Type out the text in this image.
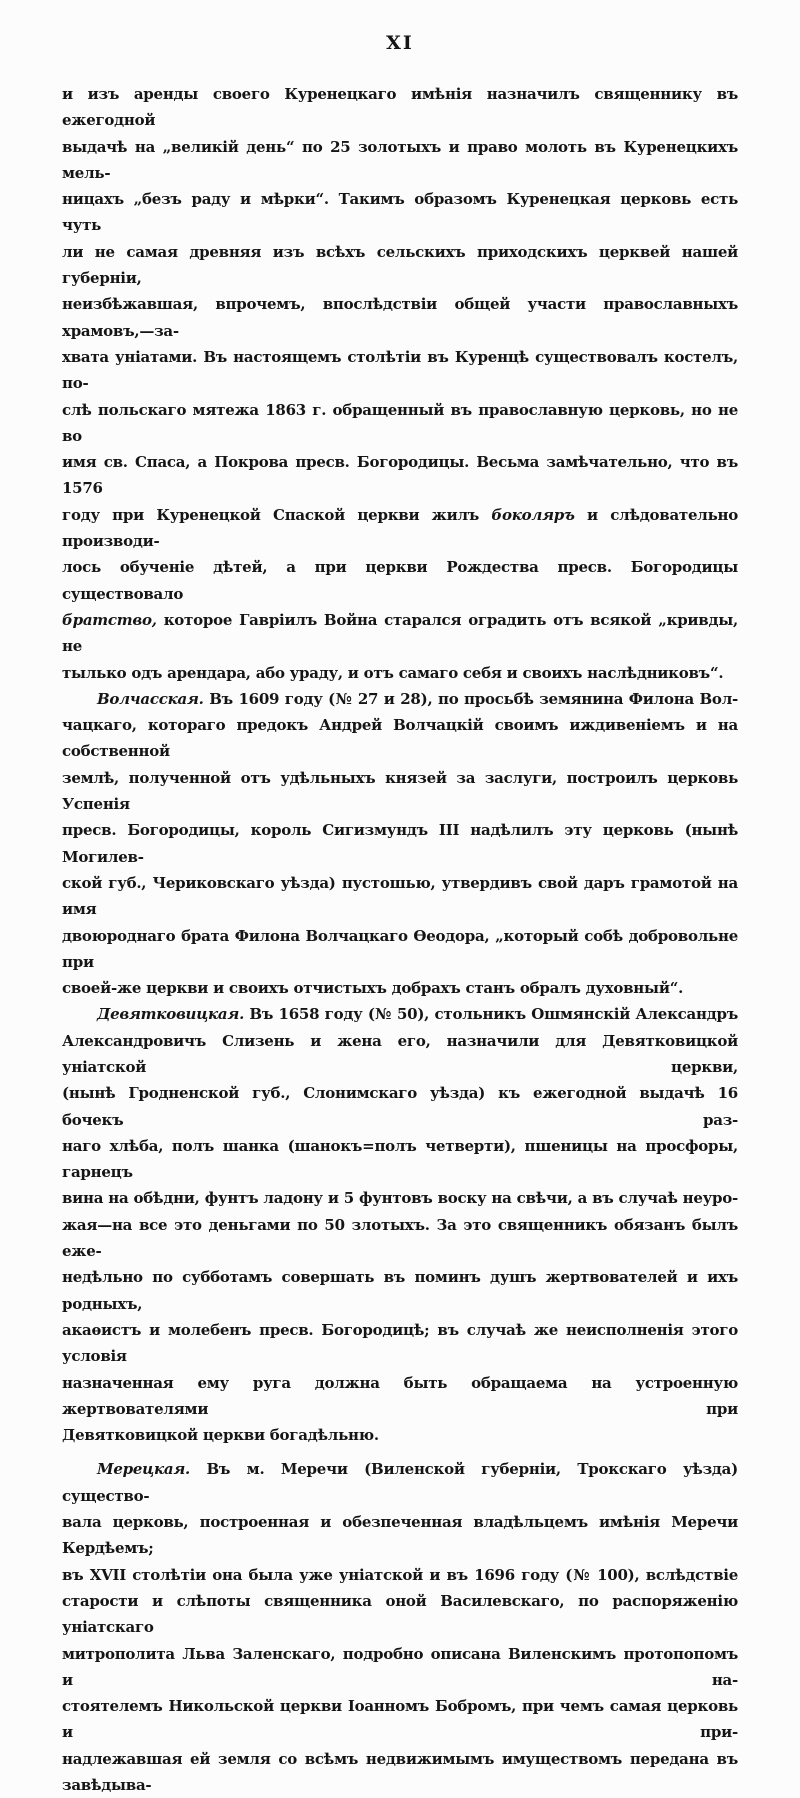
XI
и изъ аренды своего Куренецкаго имѣнія назначилъ священнику въ ежегодной
выдачѣ на „великій день“ по 25 золотыхъ и право молоть въ Куренецкихъ мель-
ницахъ „безъ раду и мѣрки“. Такимъ образомъ Куренецкая церковь есть чуть
ли не самая древняя изъ всѣхъ сельскихъ приходскихъ церквей нашей губерніи,
неизбѣжавшая, впрочемъ, впослѣдствіи общей участи православныхъ храмовъ,—за-
хвата уніатами. Въ настоящемъ столѣтіи въ Куренцѣ существовалъ костелъ, по-
слѣ польскаго мятежа 1863 г. обращенный въ православную церковь, но не во
имя св. Спаса, а Покрова пресв. Богородицы. Весьма замѣчательно, что въ 1576
году при Куренецкой Спаской церкви жилъ боколяръ и слѣдовательно производи-
лось обученіе дѣтей, а при церкви Рождества пресв. Богородицы существовало
братство, которое Гавріилъ Война старался оградить отъ всякой „кривды, не
тылько одъ арендара, або ураду, и отъ самаго себя и своихъ наслѣдниковъ“.
Волчасская. Въ 1609 году (№ 27 и 28), по просьбѣ земянина Филона Вол-
чацкаго, котораго предокъ Андрей Волчацкій своимъ иждивеніемъ и на собственной
землѣ, полученной отъ удѣльныхъ князей за заслуги, построилъ церковь Успенія
пресв. Богородицы, король Сигизмундъ III надѣлилъ эту церковь (нынѣ Могилев-
ской губ., Чериковскаго уѣзда) пустошью, утвердивъ свой даръ грамотой на имя
двоюроднаго брата Филона Волчацкаго Ѳеодора, „который собѣ добровольне при
своей-же церкви и своихъ отчистыхъ добрахъ станъ обралъ духовный“.
Девятковицкая. Въ 1658 году (№ 50), стольникъ Ошмянскій Александръ
Александровичъ Слизень и жена его, назначили для Девятковицкой уніатской церкви,
(нынѣ Гродненской губ., Слонимскаго уѣзда) къ ежегодной выдачѣ 16 бочекъ раз-
наго хлѣба, полъ шанка (шанокъ=полъ четверти), пшеницы на просфоры, гарнецъ
вина на обѣдни, фунтъ ладону и 5 фунтовъ воску на свѣчи, а въ случаѣ неуро-
жая—на все это деньгами по 50 злотыхъ. За это священникъ обязанъ былъ еже-
недѣльно по субботамъ совершать въ поминъ душъ жертвователей и ихъ родныхъ,
акаѳистъ и молебенъ пресв. Богородицѣ; въ случаѣ же неисполненія этого условія
назначенная ему руга должна быть обращаема на устроенную жертвователями при
Девятковицкой церкви богадѣльню.
Мерецкая. Въ м. Меречи (Виленской губерніи, Трокскаго уѣзда) существо-
вала церковь, построенная и обезпеченная владѣльцемъ имѣнія Меречи Кердѣемъ;
въ XVII столѣтіи она была уже уніатской и въ 1696 году (№ 100), вслѣдствіе
старости и слѣпоты священника оной Василевскаго, по распоряженію уніатскаго
митрополита Льва Заленскаго, подробно описана Виленскимъ протопопомъ и на-
стоятелемъ Никольской церкви Іоанномъ Бобромъ, при чемъ самая церковь и при-
надлежавшая ей земля со всѣмъ недвижимымъ имуществомъ передана въ завѣдыва-
